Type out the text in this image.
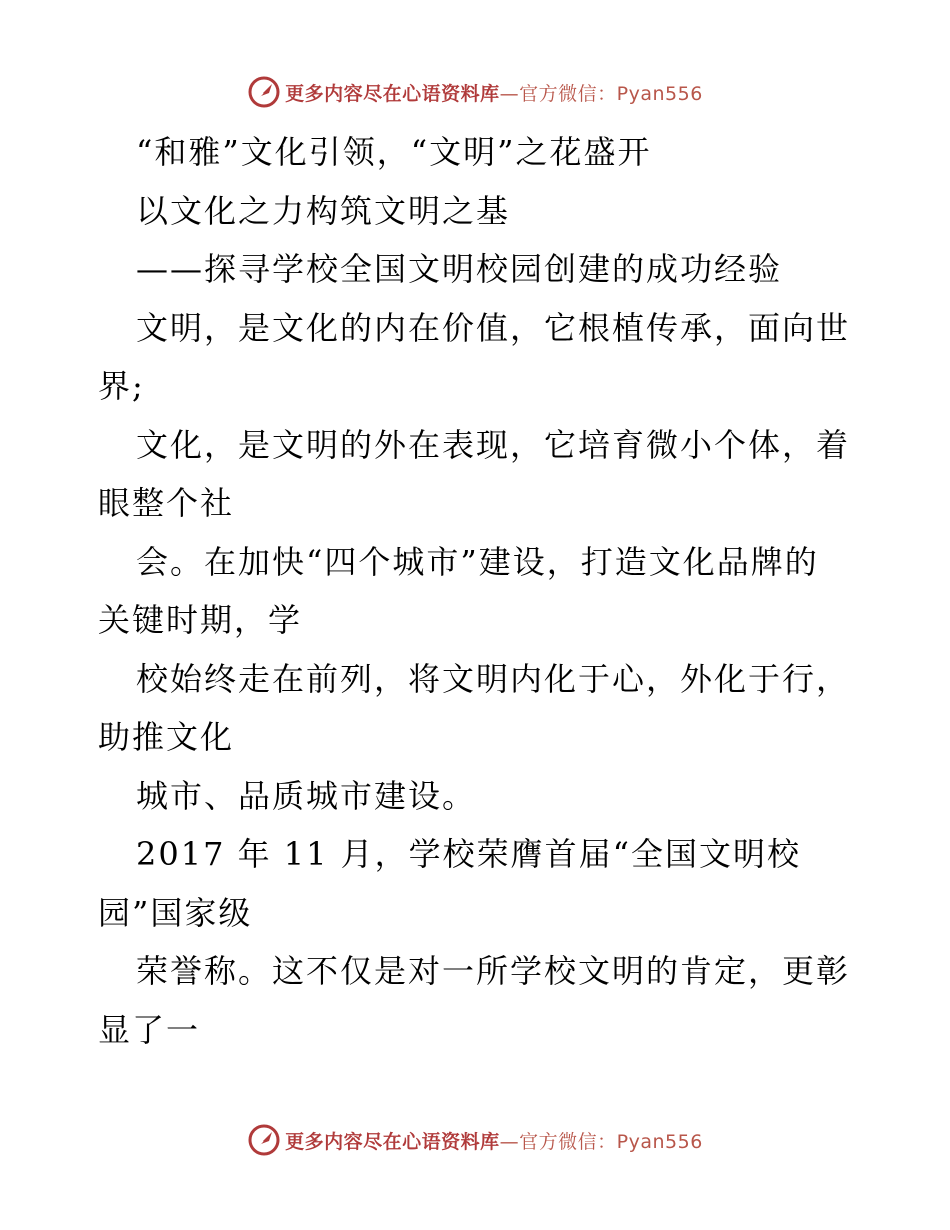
更多内容尽在心语资料库—官方微信：Pyan556
“和雅”文化引领，“文明”之花盛开
以文化之力构筑文明之基
——探寻学校全国文明校园创建的成功经验
文明，是文化的内在价值，它根植传承，面向世
界;
文化，是文明的外在表现，它培育微小个体，着
眼整个社
会。在加快“四个城市”建设，打造文化品牌的
关键时期，学
校始终走在前列，将文明内化于心，外化于行，
助推文化
城市、品质城市建设。
2017 年 11 月，学校荣膺首届“全国文明校
园”国家级
荣誉称。这不仅是对一所学校文明的肯定，更彰
显了一
更多内容尽在心语资料库—官方微信：Pyan556
